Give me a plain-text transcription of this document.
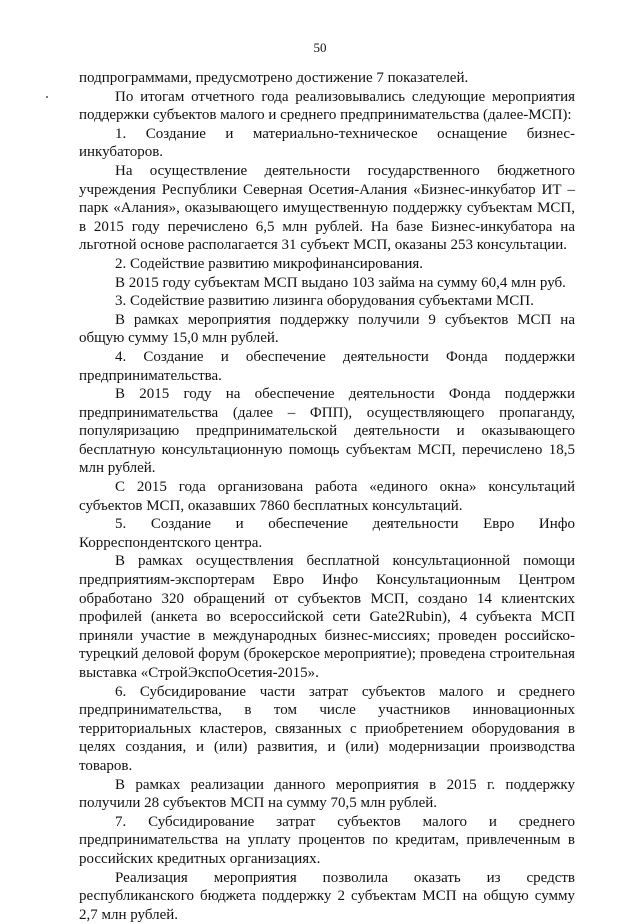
50

подпрограммами, предусмотрено достижение 7 показателей.

По итогам отчетного года реализовывались следующие мероприятия поддержки субъектов малого и среднего предпринимательства (далее-МСП):

1. Создание и материально-техническое оснащение бизнес-инкубаторов.

На осуществление деятельности государственного бюджетного учреждения Республики Северная Осетия-Алания «Бизнес-инкубатор ИТ – парк «Алания», оказывающего имущественную поддержку субъектам МСП, в 2015 году перечислено 6,5 млн рублей. На базе Бизнес-инкубатора на льготной основе располагается 31 субъект МСП, оказаны 253 консультации.

2. Содействие развитию микрофинансирования.

В 2015 году субъектам МСП выдано 103 займа на сумму 60,4 млн руб.

3. Содействие развитию лизинга оборудования субъектами МСП.

В рамках мероприятия поддержку получили 9 субъектов МСП на общую сумму 15,0 млн рублей.

4. Создание и обеспечение деятельности Фонда поддержки предпринимательства.

В 2015 году на обеспечение деятельности Фонда поддержки предпринимательства (далее – ФПП), осуществляющего пропаганду, популяризацию предпринимательской деятельности и оказывающего бесплатную консультационную помощь субъектам МСП, перечислено 18,5 млн рублей.

С 2015 года организована работа «единого окна» консультаций субъектов МСП, оказавших 7860 бесплатных консультаций.

5. Создание и обеспечение деятельности Евро Инфо Корреспондентского центра.

В рамках осуществления бесплатной консультационной помощи предприятиям-экспортерам Евро Инфо Консультационным Центром обработано 320 обращений от субъектов МСП, создано 14 клиентских профилей (анкета во всероссийской сети Gate2Rubin), 4 субъекта МСП приняли участие в международных бизнес-миссиях; проведен российско-турецкий деловой форум (брокерское мероприятие); проведена строительная выставка «СтройЭкспоОсетия-2015».

6. Субсидирование части затрат субъектов малого и среднего предпринимательства, в том числе участников инновационных территориальных кластеров, связанных с приобретением оборудования в целях создания, и (или) развития, и (или) модернизации производства товаров.

В рамках реализации данного мероприятия в 2015 г. поддержку получили 28 субъектов МСП на сумму 70,5 млн рублей.

7. Субсидирование затрат субъектов малого и среднего предпринимательства на уплату процентов по кредитам, привлеченным в российских кредитных организациях.

Реализация мероприятия позволила оказать из средств республиканского бюджета поддержку 2 субъектам МСП на общую сумму 2,7 млн рублей.
